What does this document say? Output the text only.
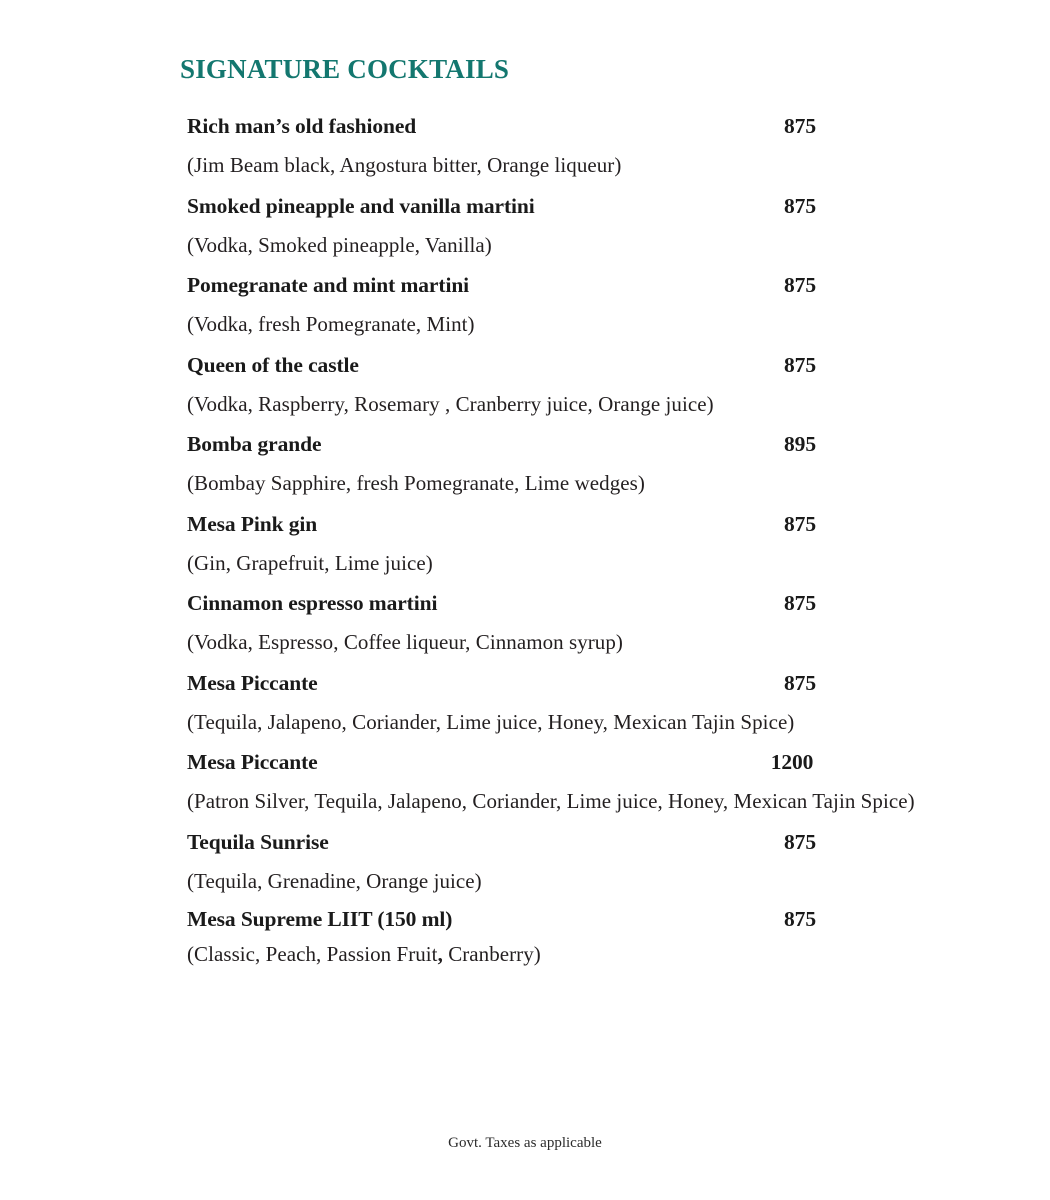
SIGNATURE COCKTAILS
Rich man’s old fashioned	875
(Jim Beam black, Angostura bitter, Orange liqueur)
Smoked pineapple and vanilla martini	875
(Vodka, Smoked pineapple, Vanilla)
Pomegranate and mint martini	875
(Vodka, fresh Pomegranate, Mint)
Queen of the castle	875
(Vodka, Raspberry, Rosemary , Cranberry juice, Orange juice)
Bomba grande	895
(Bombay Sapphire, fresh Pomegranate, Lime wedges)
Mesa Pink gin	875
(Gin, Grapefruit, Lime juice)
Cinnamon espresso martini	875
(Vodka, Espresso, Coffee liqueur, Cinnamon syrup)
Mesa Piccante	875
(Tequila, Jalapeno, Coriander, Lime juice, Honey, Mexican Tajin Spice)
Mesa Piccante	1200
(Patron Silver, Tequila, Jalapeno, Coriander, Lime juice, Honey, Mexican Tajin Spice)
Tequila Sunrise	875
(Tequila, Grenadine, Orange juice)
Mesa Supreme LIIT (150 ml)	875
(Classic, Peach, Passion Fruit, Cranberry)
Govt. Taxes as applicable
